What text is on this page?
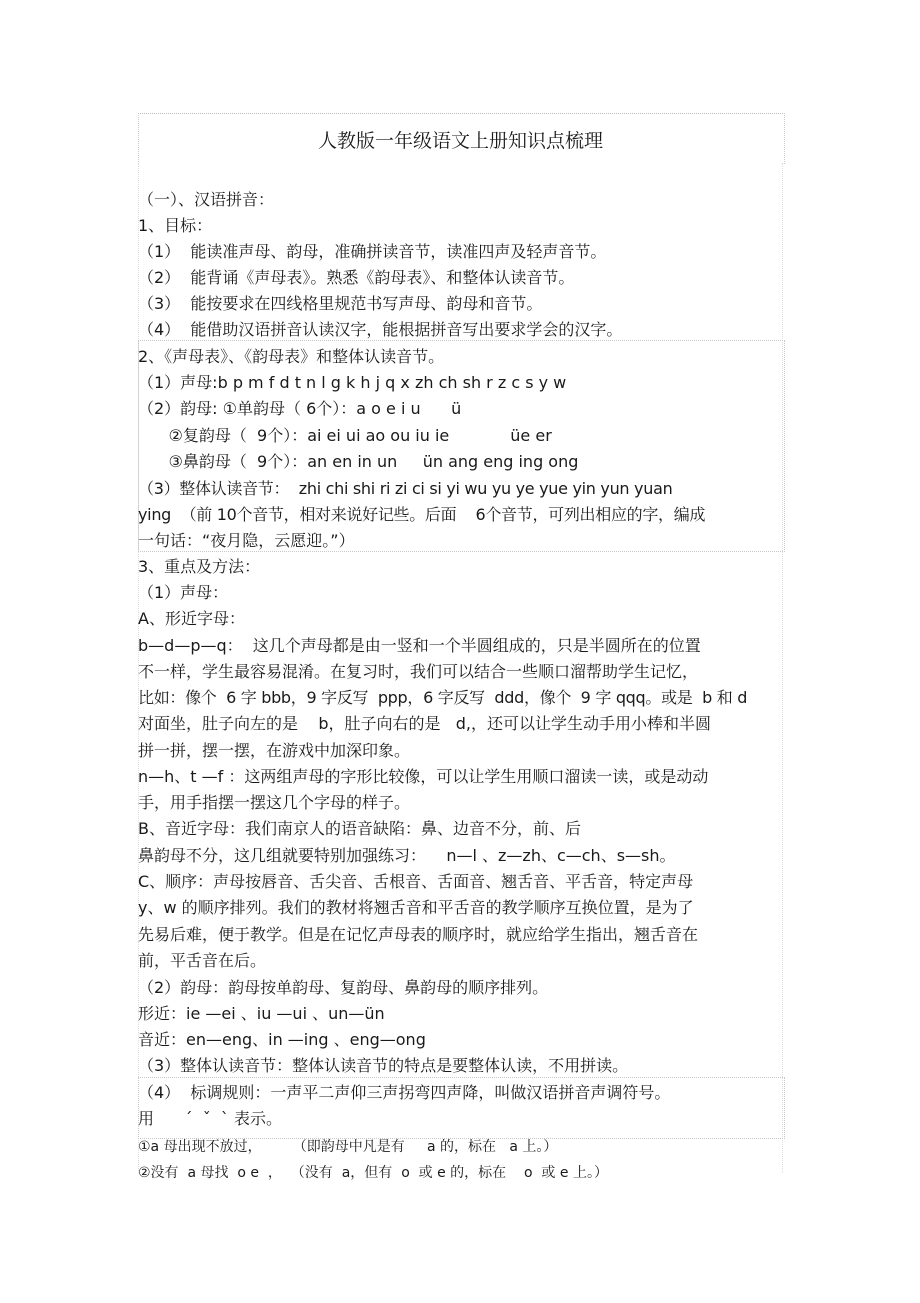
人教版一年级语文上册知识点梳理
（一）、汉语拼音：
1、目标：
（1）  能读准声母、韵母，准确拼读音节，读准四声及轻声音节。
（2）  能背诵《声母表》。熟悉《韵母表》、和整体认读音节。
（3）  能按要求在四线格里规范书写声母、韵母和音节。
（4）  能借助汉语拼音认读汉字，能根据拼音写出要求学会的汉字。
2、《声母表》、《韵母表》和整体认读音节。
（1）声母:b p m f d t n l g k h j q x zh ch sh r z c s y w
（2）韵母: ①单韵母（ 6个）：a o e i u      ü
②复韵母（  9个）：ai ei ui ao ou iu ie            üe er
③鼻韵母（  9个）：an en in un     ün ang eng ing ong
（3）整体认读音节：  zhi chi shi ri zi ci si yi wu yu ye yue yin yun yuan
ying  （前 10个音节，相对来说好记些。后面    6个音节，可列出相应的字，编成
一句话：“夜月隐，云愿迎。”）
3、重点及方法：
（1）声母：
A、形近字母：
b—d—p—q：  这几个声母都是由一竖和一个半圆组成的，只是半圆所在的位置
不一样，学生最容易混淆。在复习时，我们可以结合一些顺口溜帮助学生记忆，
比如：像个  6 字 bbb，9 字反写  ppp，6 字反写  ddd，像个  9 字 qqq。或是  b 和 d
对面坐，肚子向左的是    b，肚子向右的是   d,，还可以让学生动手用小棒和半圆
拼一拼，摆一摆，在游戏中加深印象。
n—h、t —f ：这两组声母的字形比较像，可以让学生用顺口溜读一读，或是动动
手，用手指摆一摆这几个字母的样子。
B、音近字母：我们南京人的语音缺陷：鼻、边音不分，前、后
鼻韵母不分，这几组就要特别加强练习：    n—l 、z—zh、c—ch、s—sh。
C、顺序：声母按唇音、舌尖音、舌根音、舌面音、翘舌音、平舌音，特定声母
y、w 的顺序排列。我们的教材将翘舌音和平舌音的教学顺序互换位置，是为了
先易后难，便于教学。但是在记忆声母表的顺序时，就应给学生指出，翘舌音在
前，平舌音在后。
（2）韵母：韵母按单韵母、复韵母、鼻韵母的顺序排列。
形近：ie —ei 、iu —ui 、un—ün
音近：en—eng、in —ing 、eng—ong
（3）整体认读音节：整体认读音节的特点是要整体认读，不用拼读。
（4）  标调规则：一声平二声仰三声拐弯四声降，叫做汉语拼音声调符号。
用      ˊ  ˇ  ˋ 表示。
①a 母出现不放过，       （即韵母中凡是有     a 的，标在   a 上。）
②没有  a 母找  o e  ，  （没有  a，但有  o  或 e 的，标在    o  或 e 上。）
